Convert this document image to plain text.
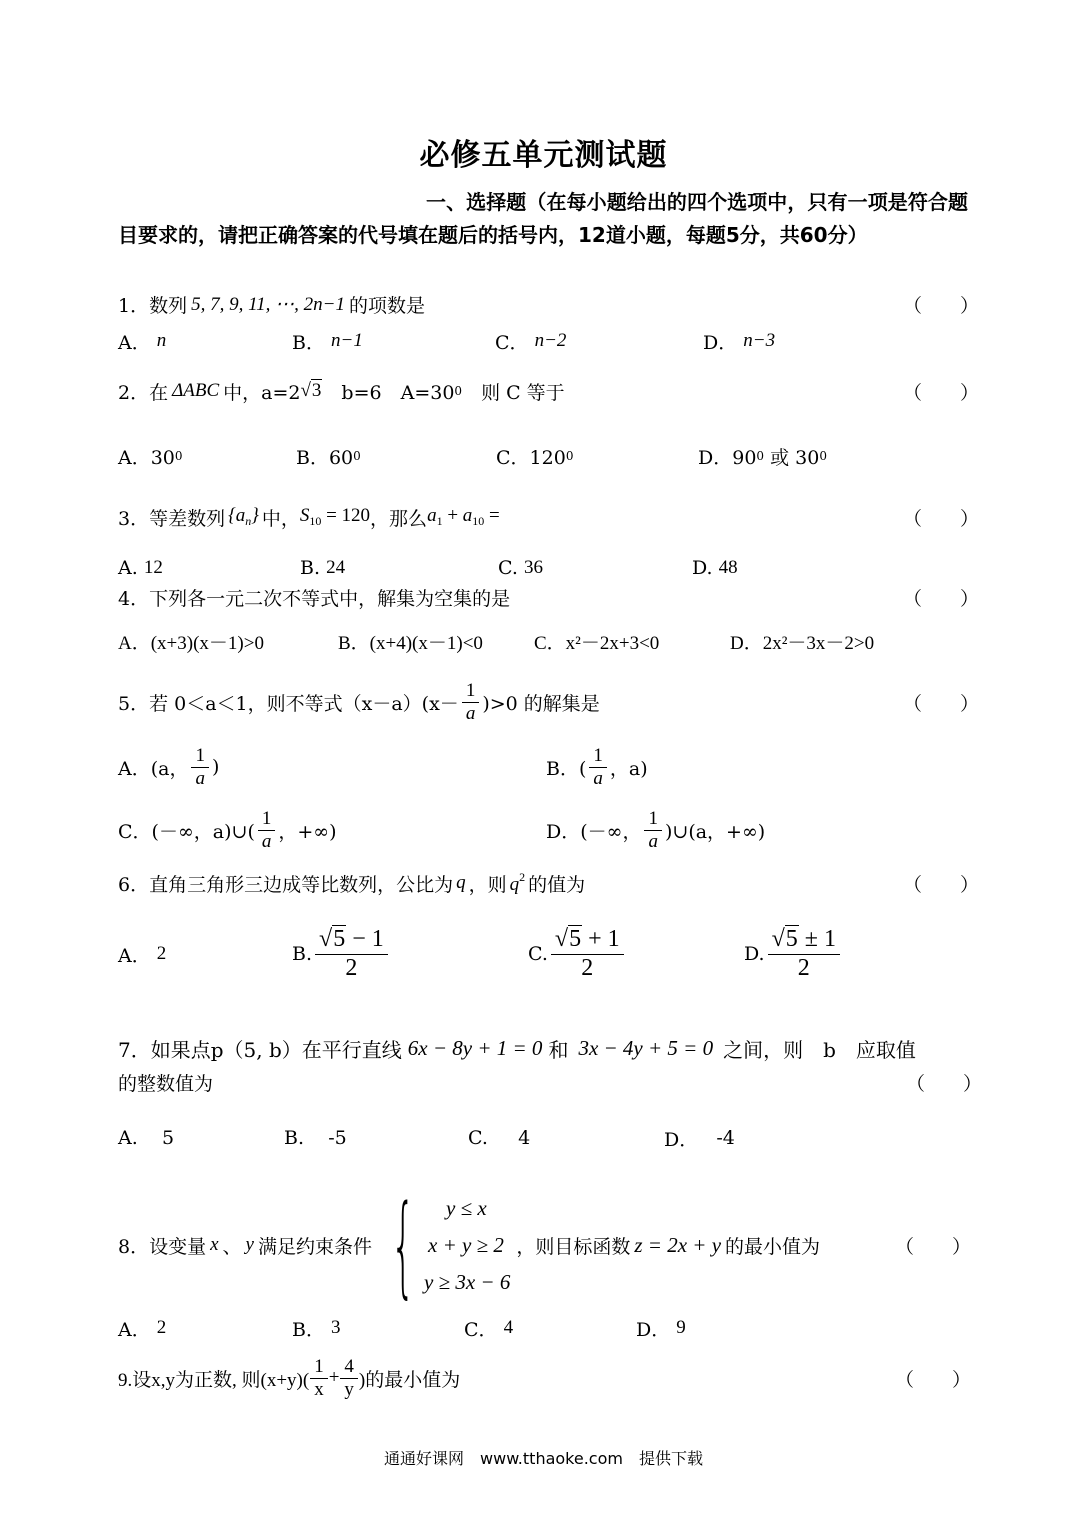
必修五单元测试题
一、选择题（在每小题给出的四个选项中，只有一项是符合题目要求的，请把正确答案的代号填在题后的括号内，12道小题，每题5分，共60分）
1．数列 5, 7, 9, 11, ⋯, 2n−1 的项数是	（　　）
A．
n	B．
n−1	C．
n−2	D．
n−3
2．在 ΔABC 中，a=2 √3 　b=6　A=30 0 　则 C 等于	（　　）
A．30 0	B．60 0	C．120 0	D．90 0
或 30 0
3．等差数列 $\{a_n\}$ 中， $S_{10} = 120$ ，那么 $a_1 + a_{10}$ =	（　　）
A.
12	B.
24	C.
36	D.
48
4．下列各一元二次不等式中，解集为空集的是	（　　）
A．(x+3)(x－1)>0	B．(x+4)(x－1)<0	C．x²－2x+3<0	D．2x²－3x－2>0
5．若 0＜a＜1，则不等式$(x-a)(x- \frac{1}{a} )>0$ 的解集是	（　　）
A．(a， $\frac{1}{a}$ )	B．( $\frac{1}{a}$ ，a)
C．(－∞，a)∪( $\frac{1}{a}$ ，+∞)	D．(－∞， $\frac{1}{a}$ )∪(a，+∞)
6．直角三角形三边成等比数列，公比为 q ，则 $q^2$ 的值为	（　　）
A．
2	B. $\frac{√5 - 1}{2}$	C. $\frac{√5 + 1}{2}$	D. $\frac{√5 \pm 1}{2}$
7．如果点p（5, b）在平行直线 6x − 8y + 1 = 0 和 3x − 4y + 5 = 0 之间，则　b　应取值
的整数值为	（　　）
A.
5	B.
-5	C.
4	D．
-4
8．设变量 x 、 y 满足约束条件 {	y ≤ x
x + y ≥ 2
y ≥ 3x − 6
，则目标函数 z = 2x + y 的最小值为	（　　）
A．
2	B．
3	C．
4	D．
9
9.设x,y为正数, 则$(x+y)( \frac{1}{x} + \frac{4}{y}$ )的最小值为	（　　）
通通好课网　www.tthaoke.com　提供下载
